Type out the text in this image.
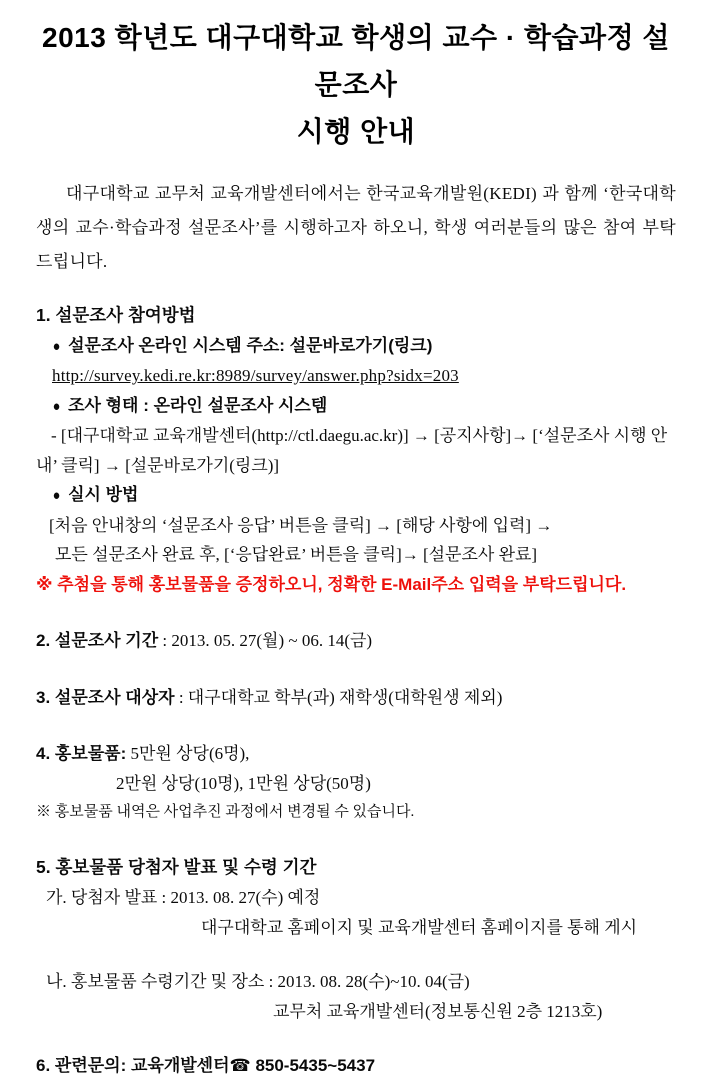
2013 학년도 대구대학교 학생의 교수 · 학습과정 설문조사
시행 안내

대구대학교 교무처 교육개발센터에서는 한국교육개발원(KEDI) 과 함께 ‘한국대학생의 교수·학습과정 설문조사’를 시행하고자 하오니, 학생 여러분들의 많은 참여 부탁드립니다.

1. 설문조사 참여방법
● 설문조사 온라인 시스템 주소: 설문바로가기(링크)
http://survey.kedi.re.kr:8989/survey/answer.php?sidx=203
● 조사 형태 : 온라인 설문조사 시스템
- [대구대학교 교육개발센터(http://ctl.daegu.ac.kr)] → [공지사항]→ [‘설문조사 시행 안내’ 클릭] → [설문바로가기(링크)]
● 실시 방법
[처음 안내창의 ‘설문조사 응답’ 버튼을 클릭] → [해당 사항에 입력] →
모든 설문조사 완료 후, [‘응답완료’ 버튼을 클릭]→ [설문조사 완료]
※ 추첨을 통해 홍보물품을 증정하오니, 정확한 E-Mail주소 입력을 부탁드립니다.
2. 설문조사 기간 : 2013. 05. 27(월) ~ 06. 14(금)
3. 설문조사 대상자 : 대구대학교 학부(과) 재학생(대학원생 제외)
4. 홍보물품: 5만원 상당(6명),
2만원 상당(10명), 1만원 상당(50명)
※ 홍보물품 내역은 사업추진 과정에서 변경될 수 있습니다.
5. 홍보물품 당첨자 발표 및 수령 기간
가. 당첨자 발표 : 2013. 08. 27(수) 예정
대구대학교 홈페이지 및 교육개발센터 홈페이지를 통해 게시
나. 홍보물품 수령기간 및 장소 : 2013. 08. 28(수)~10. 04(금)
교무처 교육개발센터(정보통신원 2층 1213호)
6. 관련문의: 교육개발센터☎ 850-5435~5437
